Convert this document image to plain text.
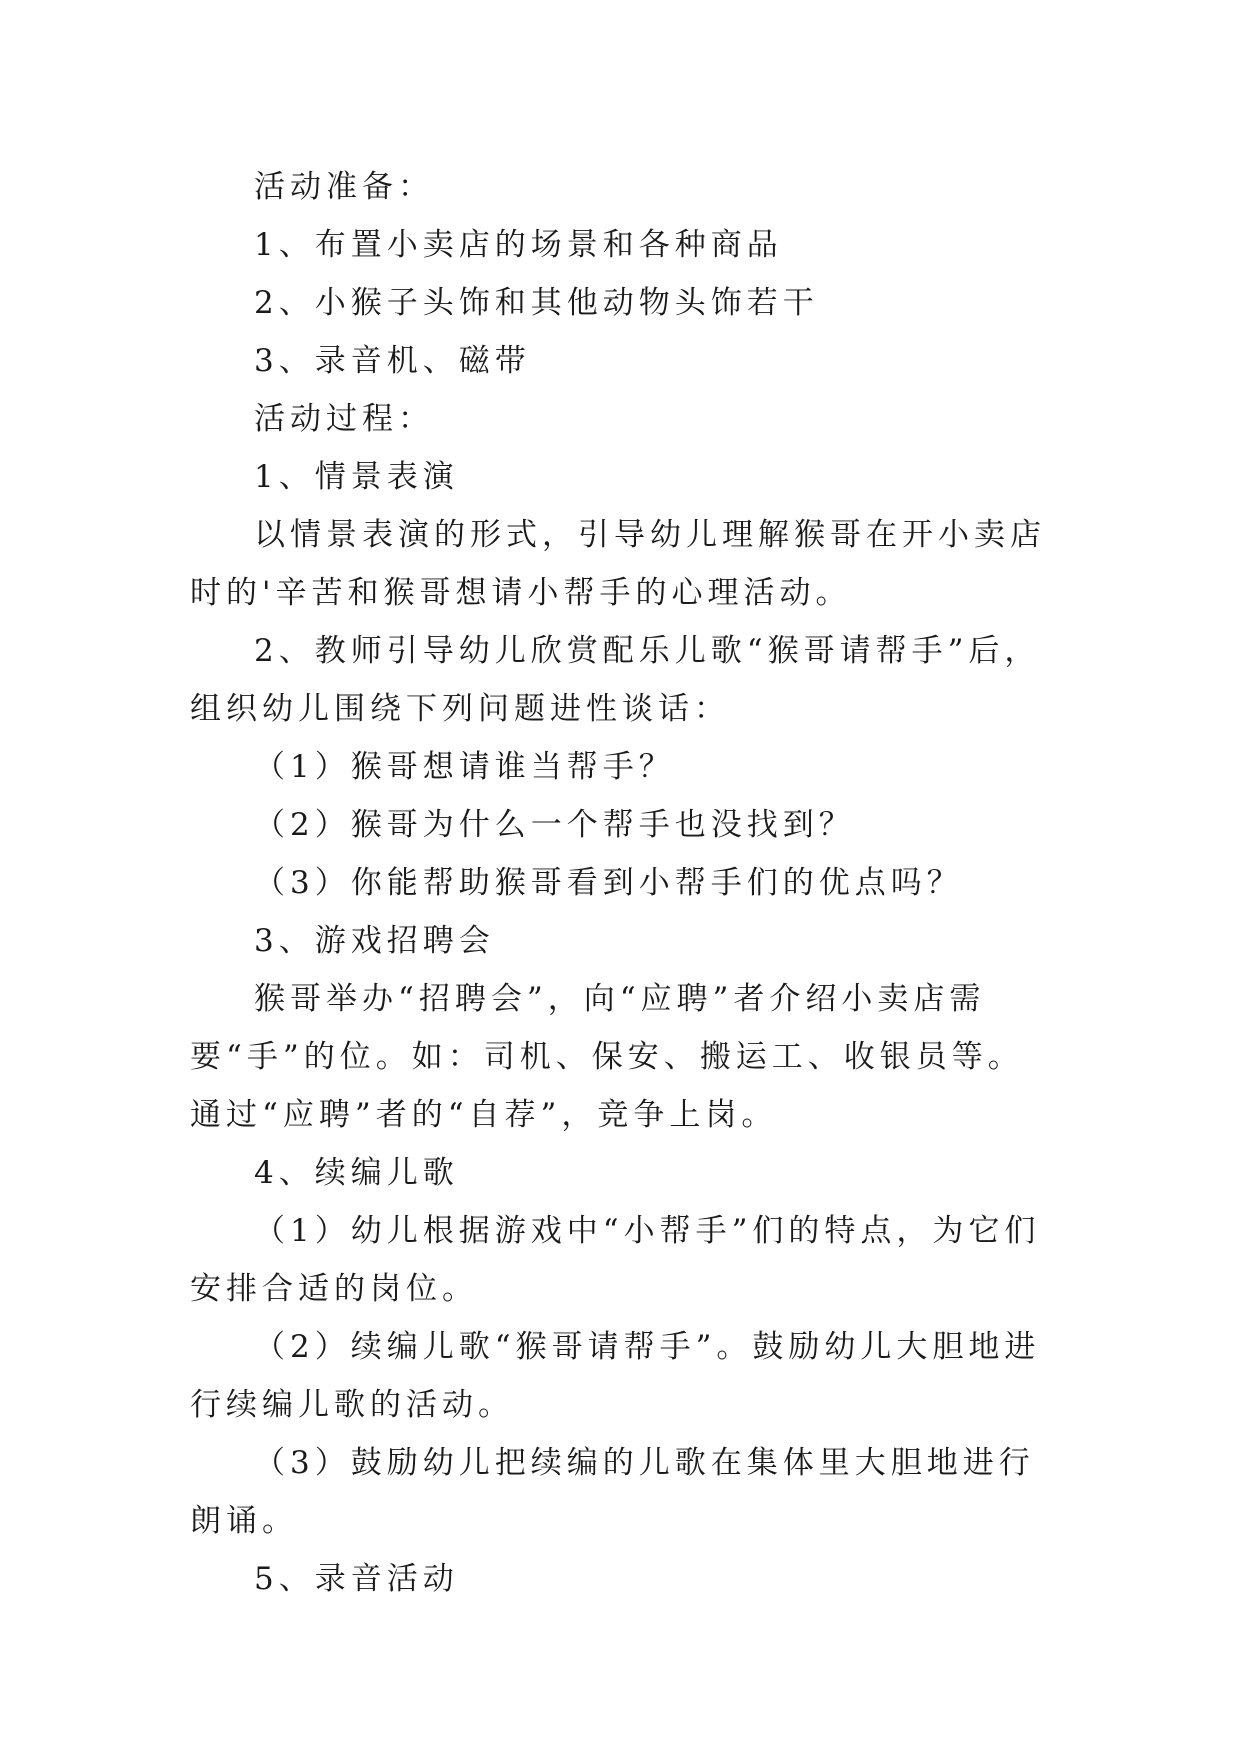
活动准备：

1、布置小卖店的场景和各种商品

2、小猴子头饰和其他动物头饰若干

3、录音机、磁带

活动过程：

1、情景表演

以情景表演的形式，引导幼儿理解猴哥在开小卖店时的'辛苦和猴哥想请小帮手的心理活动。

2、教师引导幼儿欣赏配乐儿歌“猴哥请帮手”后，组织幼儿围绕下列问题进性谈话：

（1）猴哥想请谁当帮手？

（2）猴哥为什么一个帮手也没找到？

（3）你能帮助猴哥看到小帮手们的优点吗？

3、游戏招聘会

猴哥举办“招聘会”，向“应聘”者介绍小卖店需要“手”的位。如：司机、保安、搬运工、收银员等。通过“应聘”者的“自荐”，竞争上岗。

4、续编儿歌

（1）幼儿根据游戏中“小帮手”们的特点，为它们安排合适的岗位。

（2）续编儿歌“猴哥请帮手”。鼓励幼儿大胆地进行续编儿歌的活动。

（3）鼓励幼儿把续编的儿歌在集体里大胆地进行朗诵。

5、录音活动
